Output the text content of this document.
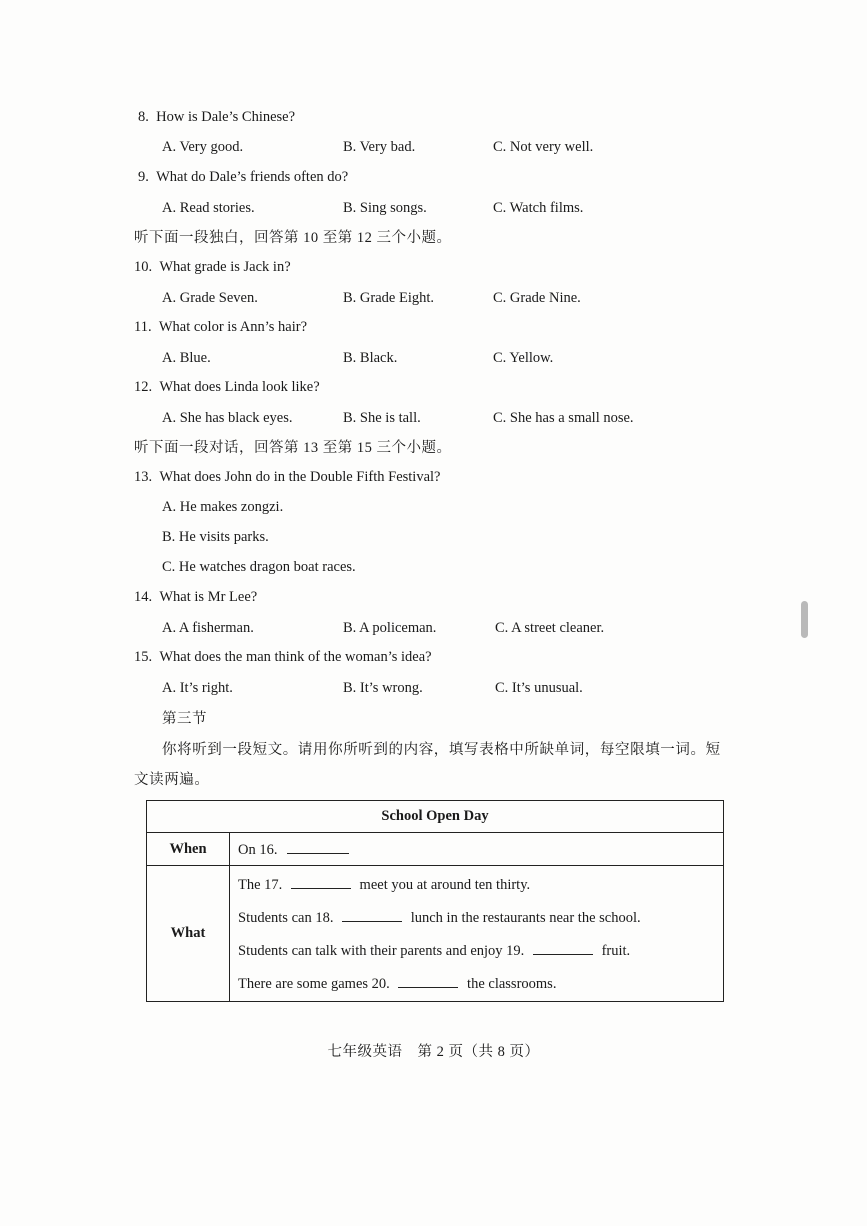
8. How is Dale’s Chinese?
A. Very good.	B. Very bad.	C. Not very well.
9. What do Dale’s friends often do?
A. Read stories.	B. Sing songs.	C. Watch films.
听下面一段独白，回答第 10 至第 12 三个小题。
10. What grade is Jack in?
A. Grade Seven.	B. Grade Eight.	C. Grade Nine.
11. What color is Ann’s hair?
A. Blue.	B. Black.	C. Yellow.
12. What does Linda look like?
A. She has black eyes.	B. She is tall.	C. She has a small nose.
听下面一段对话，回答第 13 至第 15 三个小题。
13. What does John do in the Double Fifth Festival?
A. He makes zongzi.
B. He visits parks.
C. He watches dragon boat races.
14. What is Mr Lee?
A. A fisherman.	B. A policeman.	C. A street cleaner.
15. What does the man think of the woman’s idea?
A. It’s right.	B. It’s wrong.	C. It’s unusual.
第三节
你将听到一段短文。请用你所听到的内容，填写表格中所缺单词，每空限填一词。短
文读两遍。
School Open Day	
When	On 16.
What	The 17. meet you at around ten thirty.
Students can 18. lunch in the restaurants near the school.
Students can talk with their parents and enjoy 19. fruit.
There are some games 20. the classrooms.
七年级英语　第 2 页（共 8 页）
